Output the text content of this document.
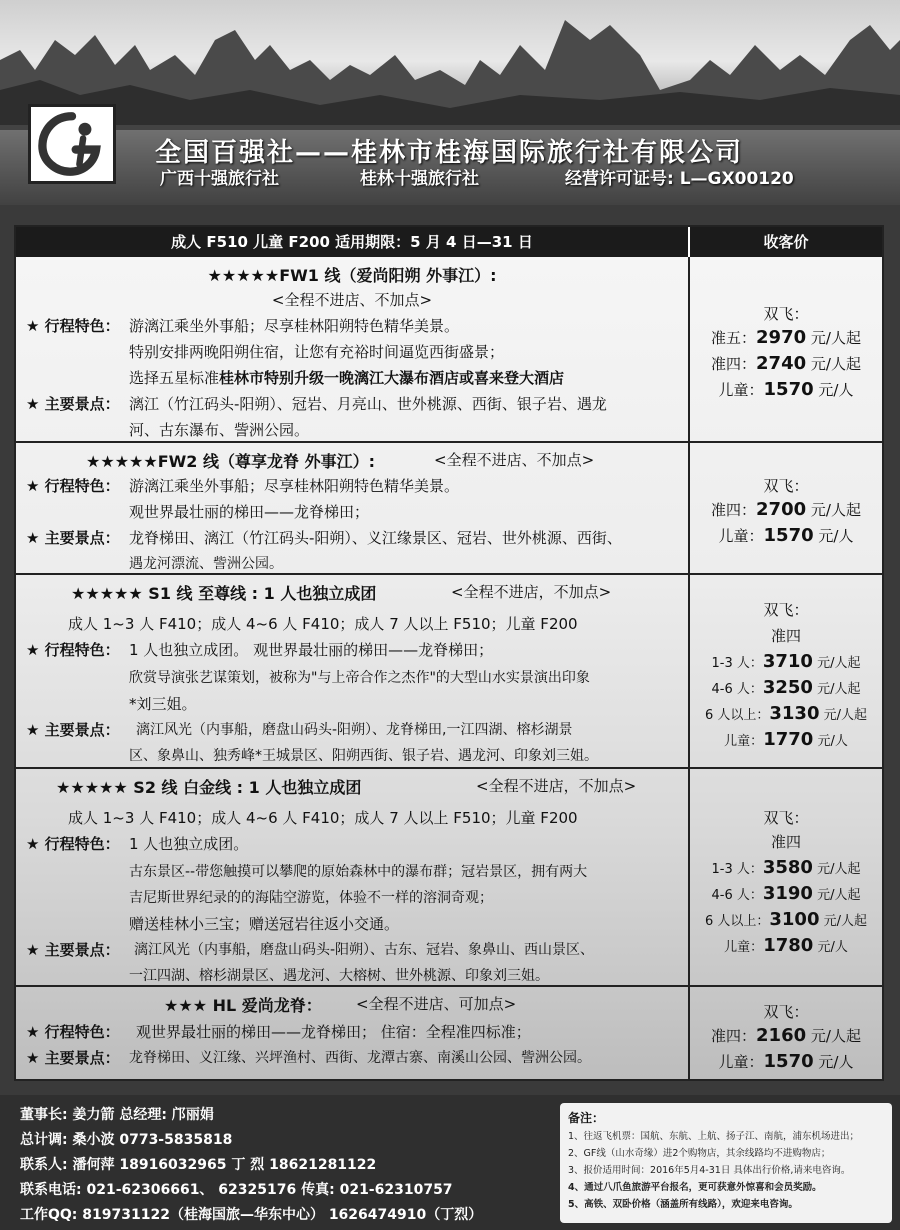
全国百强社——桂林市桂海国际旅行社有限公司
广西十强旅行社	桂林十强旅行社	经营许可证号: L—GX00120
成人 F510 儿童 F200 适用期限：5 月 4 日—31 日	收客价
★★★★★FW1 线（爱尚阳朔 外事江）:
<全程不进店、不加点>
★ 行程特色： 游漓江乘坐外事船；尽享桂林阳朔特色精华美景。
特别安排两晚阳朔住宿，让您有充裕时间逼览西街盛景；
选择五星标准桂林市特别升级一晚漓江大瀑布酒店或喜来登大酒店
★ 主要景点： 漓江（竹江码头-阳朔）、冠岩、月亮山、世外桃源、西街、银子岩、遇龙
河、古东瀑布、訾洲公园。
双飞：
准五：2970 元/人起
准四：2740 元/人起
儿童：1570 元/人
★★★★★FW2 线（尊享龙脊 外事江）:	<全程不进店、不加点>
★ 行程特色： 游漓江乘坐外事船；尽享桂林阳朔特色精华美景。
观世界最壮丽的梯田——龙脊梯田；
★ 主要景点： 龙脊梯田、漓江（竹江码头-阳朔）、义江缘景区、冠岩、世外桃源、西街、
遇龙河漂流、訾洲公园。
双飞：
准四：2700 元/人起
儿童：1570 元/人
★★★★★ S1 线 至尊线 : 1 人也独立成团	<全程不进店，不加点>
成人 1~3 人 F410；成人 4~6 人 F410；成人 7 人以上 F510；儿童 F200
★ 行程特色： 1 人也独立成团。 观世界最壮丽的梯田——龙脊梯田；
欣赏导演张艺谋策划，被称为"与上帝合作之杰作"的大型山水实景演出印象
*刘三姐。
★ 主要景点： 漓江风光（内事船，磨盘山码头-阳朔）、龙脊梯田,一江四湖、榕杉湖景
区、象鼻山、独秀峰*王城景区、阳朔西街、银子岩、遇龙河、印象刘三姐。
双飞：
准四
1-3 人：3710 元/人起
4-6 人：3250 元/人起
6 人以上：3130 元/人起
儿童：1770 元/人
★★★★★ S2 线 白金线 : 1 人也独立成团	<全程不进店，不加点>
成人 1~3 人 F410；成人 4~6 人 F410；成人 7 人以上 F510；儿童 F200
★ 行程特色： 1 人也独立成团。
古东景区--带您触摸可以攀爬的原始森林中的瀑布群；冠岩景区，拥有两大
吉尼斯世界纪录的的海陆空游览，体验不一样的溶洞奇观；
赠送桂林小三宝；赠送冠岩往返小交通。
★ 主要景点： 漓江风光（内事船，磨盘山码头-阳朔）、古东、冠岩、象鼻山、西山景区、
一江四湖、榕杉湖景区、遇龙河、大榕树、世外桃源、印象刘三姐。
双飞：
准四
1-3 人：3580 元/人起
4-6 人：3190 元/人起
6 人以上：3100 元/人起
儿童：1780 元/人
★★★ HL 爱尚龙脊： <全程不进店、可加点>
★ 行程特色： 观世界最壮丽的梯田——龙脊梯田； 住宿：全程准四标准；
★ 主要景点： 龙脊梯田、义江缘、兴坪渔村、西街、龙潭古寨、南溪山公园、訾洲公园。
双飞：
准四：2160 元/人起
儿童：1570 元/人
董事长: 姜力箭 总经理: 邝丽娟
总计调: 桑小波 0773-5835818
联系人: 潘何萍 18916032965 丁 烈 18621281122
联系电话: 021-62306661、 62325176 传真: 021-62310757
工作QQ: 819731122（桂海国旅—华东中心） 1626474910（丁烈）
备注：
1、往返飞机票：国航、东航、上航、扬子江、南航，浦东机场进出；
2、GF线（山水奇缘）进2个购物店，其余线路均不进购物店；
3、报价适用时间：2016年5月4-31日 具体出行价格,请来电咨询。
4、通过八爪鱼旅游平台报名，更可获意外惊喜和会员奖励。
5、高铁、双卧价格（涵盖所有线路），欢迎来电咨询。
